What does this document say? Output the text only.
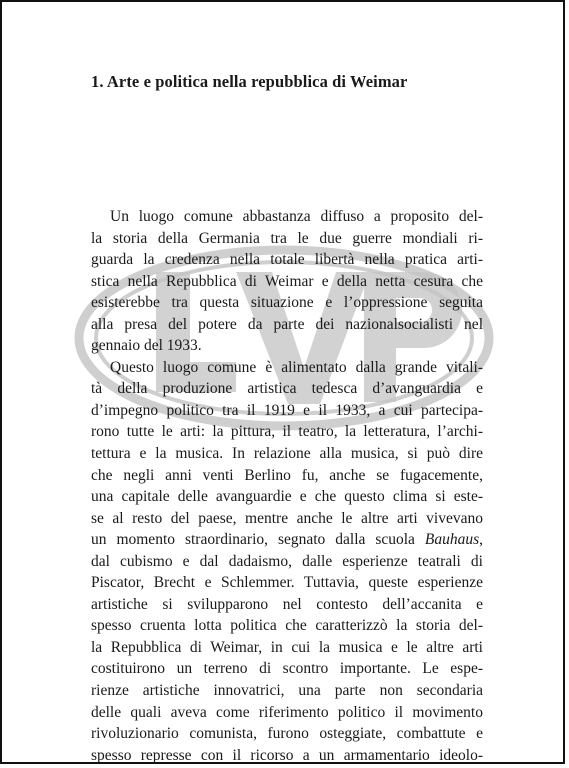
1. Arte e politica nella repubblica di Weimar
Un luogo comune abbastanza diffuso a proposito del-
la storia della Germania tra le due guerre mondiali ri-
guarda la credenza nella totale libertà nella pratica arti-
stica nella Repubblica di Weimar e della netta cesura che
esisterebbe tra questa situazione e l’oppressione seguita
alla presa del potere da parte dei nazionalsocialisti nel
gennaio del 1933.
Questo luogo comune è alimentato dalla grande vitali-
tà della produzione artistica tedesca d’avanguardia e
d’impegno politico tra il 1919 e il 1933, a cui partecipa-
rono tutte le arti: la pittura, il teatro, la letteratura, l’archi-
tettura e la musica. In relazione alla musica, si può dire
che negli anni venti Berlino fu, anche se fugacemente,
una capitale delle avanguardie e che questo clima si este-
se al resto del paese, mentre anche le altre arti vivevano
un momento straordinario, segnato dalla scuola Bauhaus,
dal cubismo e dal dadaismo, dalle esperienze teatrali di
Piscator, Brecht e Schlemmer. Tuttavia, queste esperienze
artistiche si svilupparono nel contesto dell’accanita e
spesso cruenta lotta politica che caratterizzò la storia del-
la Repubblica di Weimar, in cui la musica e le altre arti
costituirono un terreno di scontro importante. Le espe-
rienze artistiche innovatrici, una parte non secondaria
delle quali aveva come riferimento politico il movimento
rivoluzionario comunista, furono osteggiate, combattute e
spesso represse con il ricorso a un armamentario ideolo-
